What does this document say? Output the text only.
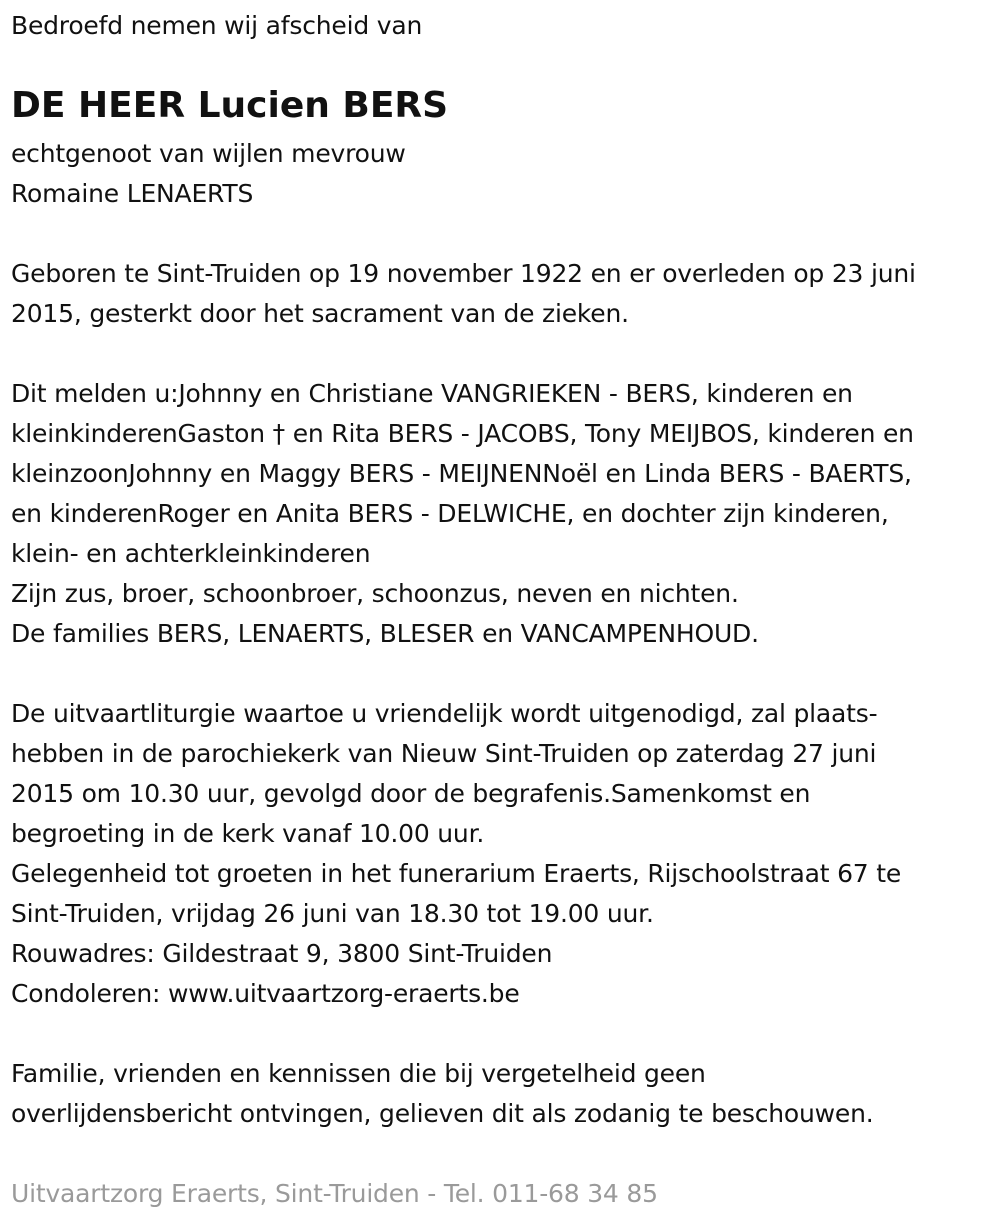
Bedroefd nemen wij afscheid van
DE HEER Lucien BERS
echtgenoot van wijlen mevrouw
Romaine LENAERTS
Geboren te Sint-Truiden op 19 november 1922 en er overleden op 23 juni
2015, gesterkt door het sacrament van de zieken.
Dit melden u:Johnny en Christiane VANGRIEKEN - BERS, kinderen en
kleinkinderenGaston † en Rita BERS - JACOBS, Tony MEIJBOS, kinderen en
kleinzoonJohnny en Maggy BERS - MEIJNENNoël en Linda BERS - BAERTS,
en kinderenRoger en Anita BERS - DELWICHE, en dochter zijn kinderen,
klein- en achterkleinkinderen
Zijn zus, broer, schoonbroer, schoonzus, neven en nichten.
De families BERS, LENAERTS, BLESER en VANCAMPENHOUD.
De uitvaartliturgie waartoe u vriendelijk wordt uitgenodigd, zal plaats-
hebben in de parochiekerk van Nieuw Sint-Truiden op zaterdag 27 juni
2015 om 10.30 uur, gevolgd door de begrafenis.Samenkomst en
begroeting in de kerk vanaf 10.00 uur.
Gelegenheid tot groeten in het funerarium Eraerts, Rijschoolstraat 67 te
Sint-Truiden, vrijdag 26 juni van 18.30 tot 19.00 uur.
Rouwadres: Gildestraat 9, 3800 Sint-Truiden
Condoleren: www.uitvaartzorg-eraerts.be
Familie, vrienden en kennissen die bij vergetelheid geen
overlijdensbericht ontvingen, gelieven dit als zodanig te beschouwen.
Uitvaartzorg Eraerts, Sint-Truiden - Tel. 011-68 34 85
